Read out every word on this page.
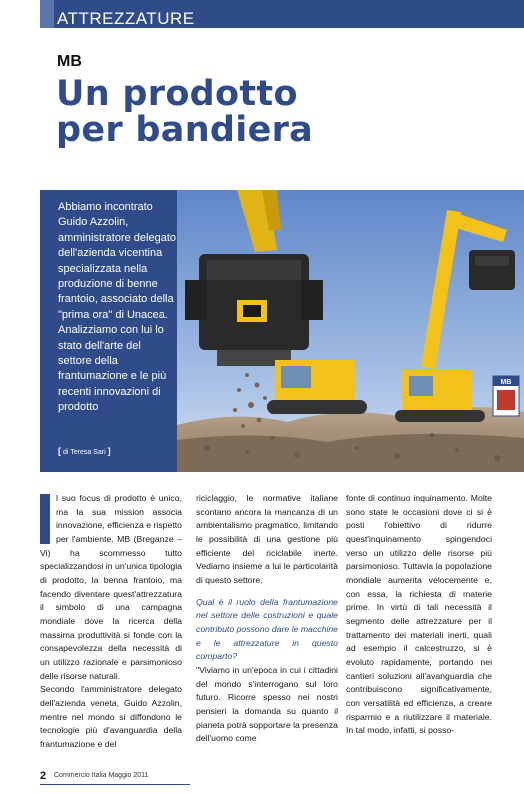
ATTREZZATURE
MB
Un prodotto
per bandiera
Abbiamo incontrato Guido Azzolin, amministratore delegato dell'azienda vicentina specializzata nella produzione di benne frantoio, associato della "prima ora" di Unacea. Analizziamo con lui lo stato dell'arte del settore della frantumazione e le più recenti innovazioni di prodotto
[ di Teresa Sari ]
MB

l suo focus di prodotto è unico, ma la sua mission associa innovazione, efficienza e rispetto per l'ambiente. MB (Breganze – Vi) ha scommesso tutto specializzandosi in un'unica tipologia di prodotto, la benna frantoio, ma facendo diventare quest'attrezzatura il simbolo di una campagna mondiale dove la ricerca della massima produttività si fonde con la consapevolezza della necessità di un utilizzo razionale e parsimonioso delle risorse naturali.

Secondo l'amministratore delegato dell'azienda veneta, Guido Azzolin, mentre nel mondo si diffondono le tecnologie più d'avanguardia della frantumazione e del

riciclaggio, le normative italiane scontano ancora la mancanza di un ambientalismo pragmatico, limitando le possibilità di una gestione più efficiente del riciclabile inerte. Vediamo insieme a lui le particolarità di questo settore.

Qual è il ruolo della frantumazione nel settore delle costruzioni e quale contributo possono dare le macchine e le attrezzature in questo comparto?

"Viviamo in un'epoca in cui i cittadini del mondo s'interrogano sul loro futuro. Ricorre spesso nei nostri pensieri la domanda su quanto il pianeta potrà sopportare la presenza dell'uomo come

fonte di continuo inquinamento. Molte sono state le occasioni dove ci si è posti l'obiettivo di ridurre quest'inquinamento spingendoci verso un utilizzo delle risorse più parsimonioso. Tuttavia la popolazione mondiale aumenta velocemente e, con essa, la richiesta di materie prime. In virtù di tali necessità il segmento delle attrezzature per il trattamento dei materiali inerti, quali ad esempio il calcestruzzo, si è evoluto rapidamente, portando nei cantieri soluzioni all'avanguardia che contribuiscono significativamente, con versatilità ed efficienza, a creare risparmio e a riutilizzare il materiale. In tal modo, infatti, si posso-

2 Commercio Italia Maggio 2011
